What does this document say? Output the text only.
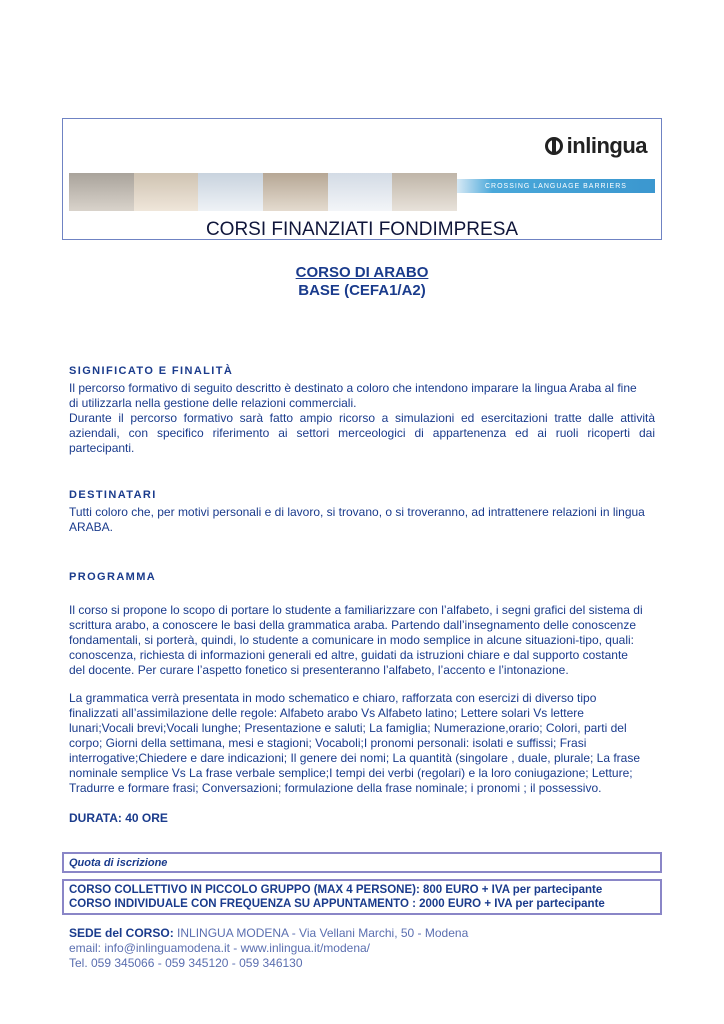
inlingua
CROSSING LANGUAGE BARRIERS
CORSI FINANZIATI FONDIMPRESA
CORSO DI ARABO
BASE (CEFA1/A2)
SIGNIFICATO E FINALITÀ
Il percorso formativo di seguito descritto è destinato a coloro che intendono imparare la lingua Araba al fine
di utilizzarla nella gestione delle relazioni commerciali.
Durante il percorso formativo sarà fatto ampio ricorso a simulazioni ed esercitazioni tratte dalle attività
aziendali, con specifico riferimento ai settori merceologici di appartenenza ed ai ruoli ricoperti dai
partecipanti.
DESTINATARI
Tutti coloro che, per motivi personali e di lavoro, si trovano, o si troveranno, ad intrattenere relazioni in lingua
ARABA.
PROGRAMMA
Il corso si propone lo scopo di portare lo studente a familiarizzare con l’alfabeto, i segni grafici del sistema di
scrittura arabo, a conoscere le basi della grammatica araba. Partendo dall’insegnamento delle conoscenze
fondamentali, si porterà, quindi, lo studente a comunicare in modo semplice in alcune situazioni-tipo, quali:
conoscenza, richiesta di informazioni generali ed altre, guidati da istruzioni chiare e dal supporto costante
del docente. Per curare l’aspetto fonetico si presenteranno l’alfabeto, l’accento e l’intonazione.
La grammatica verrà presentata in modo schematico e chiaro, rafforzata con esercizi di diverso tipo
finalizzati all’assimilazione delle regole: Alfabeto arabo Vs Alfabeto latino; Lettere solari Vs lettere
lunari;Vocali brevi;Vocali lunghe; Presentazione e saluti; La famiglia; Numerazione,orario; Colori, parti del
corpo; Giorni della settimana, mesi e stagioni; Vocaboli;I pronomi personali: isolati e suffissi; Frasi
interrogative;Chiedere e dare indicazioni; Il genere dei nomi; La quantità (singolare , duale, plurale; La frase
nominale semplice Vs La frase verbale semplice;I tempi dei verbi (regolari) e la loro coniugazione; Letture;
Tradurre e formare frasi; Conversazioni; formulazione della frase nominale; i pronomi ; il possessivo.
DURATA: 40 ORE
Quota di iscrizione
CORSO COLLETTIVO IN PICCOLO GRUPPO (MAX 4 PERSONE): 800 EURO + IVA per partecipante
CORSO INDIVIDUALE CON FREQUENZA SU APPUNTAMENTO : 2000 EURO + IVA per partecipante
SEDE del CORSO: INLINGUA MODENA - Via Vellani Marchi, 50 - Modena
email: info@inlinguamodena.it - www.inlingua.it/modena/
Tel. 059 345066 - 059 345120 - 059 346130
